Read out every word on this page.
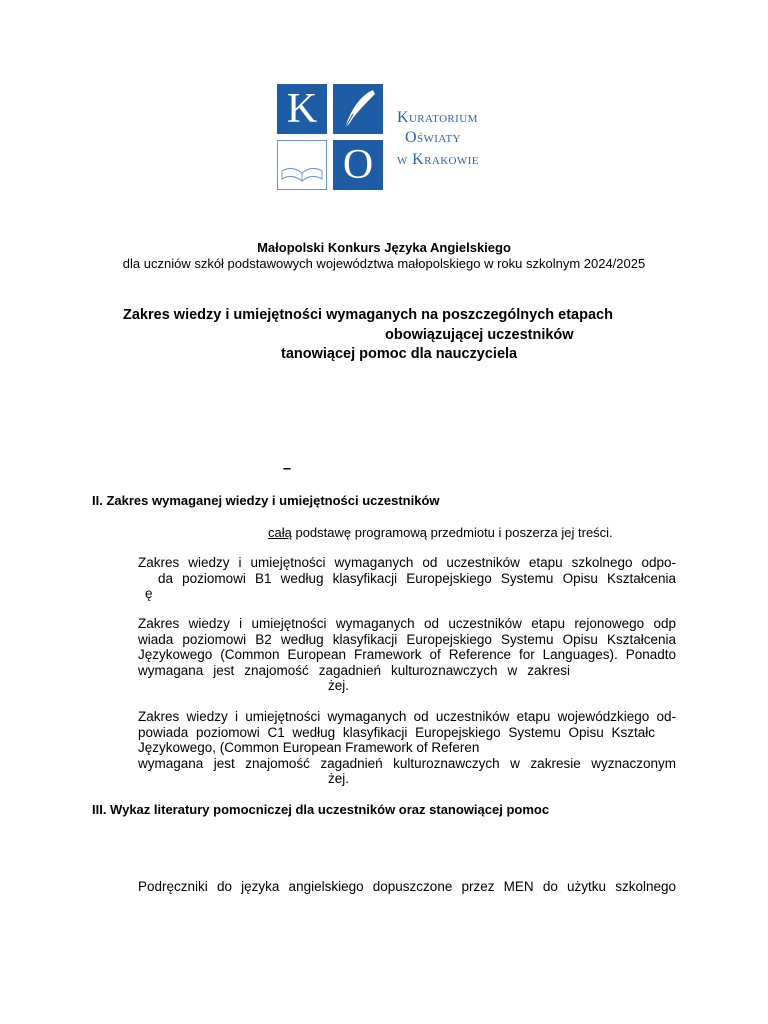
K
O
Kuratorium
Oświaty
w Krakowie
Małopolski Konkurs Języka Angielskiego
dla uczniów szkół podstawowych województwa małopolskiego w roku szkolnym 2024/2025
Zakres wiedzy i umiejętności wymaganych na poszczególnych etapach
obowiązującej uczestników
tanowiącej pomoc dla nauczyciela
–
II. Zakres wymaganej wiedzy i umiejętności uczestników
całą podstawę programową przedmiotu i poszerza jej treści.

Zakres wiedzy i umiejętności wymaganych od uczestników etapu szkolnego odpo-

da poziomowi B1 według klasyfikacji Europejskiego Systemu Opisu Kształcenia

ę

Zakres wiedzy i umiejętności wymaganych od uczestników etapu rejonowego odp

wiada poziomowi B2 według klasyfikacji Europejskiego Systemu Opisu Kształcenia

Językowego (Common European Framework of Reference for Languages). Ponadto

wymagana jest znajomość zagadnień kulturoznawczych w zakresi

żej.

Zakres wiedzy i umiejętności wymaganych od uczestników etapu wojewódzkiego od-

powiada poziomowi C1 według klasyfikacji Europejskiego Systemu Opisu Kształc

Językowego, (Common European Framework of Referen

wymagana jest znajomość zagadnień kulturoznawczych w zakresie wyznaczonym

żej.

III. Wykaz literatury pomocniczej dla uczestników oraz stanowiącej pomoc

Podręczniki do języka angielskiego dopuszczone przez MEN do użytku szkolnego
